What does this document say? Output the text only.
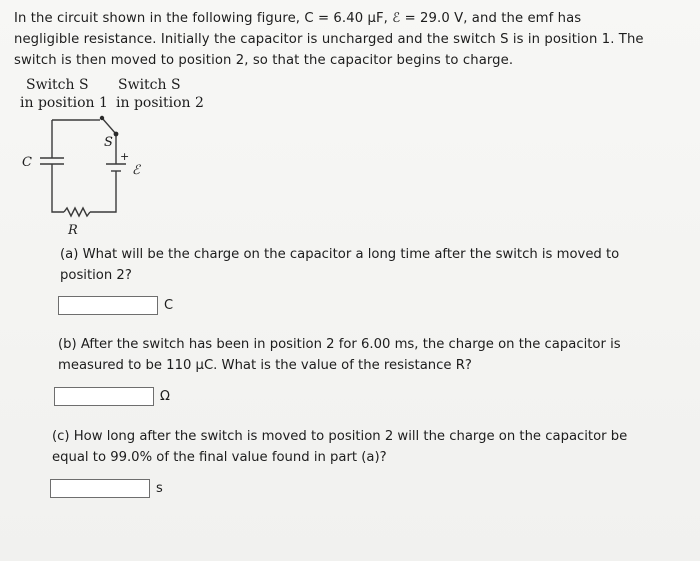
In the circuit shown in the following figure, C = 6.40 μF, ℰ = 29.0 V, and the emf has

negligible resistance. Initially the capacitor is uncharged and the switch S is in position 1. The

switch is then moved to position 2, so that the capacitor begins to charge.

Switch S
in position 1
Switch S
in position 2
S
C	+
ℰ
R
(a) What will be the charge on the capacitor a long time after the switch is moved to
position 2?
C
(b) After the switch has been in position 2 for 6.00 ms, the charge on the capacitor is
measured to be 110 μC. What is the value of the resistance R?
Ω
(c) How long after the switch is moved to position 2 will the charge on the capacitor be
equal to 99.0% of the final value found in part (a)?
s
